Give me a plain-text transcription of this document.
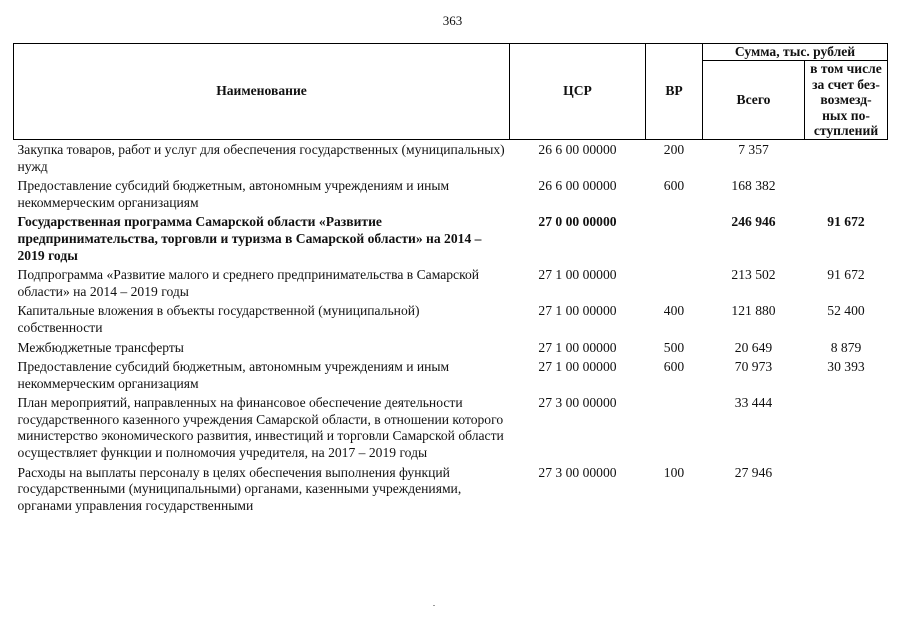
363
Наименование	ЦСР	ВР	Сумма, тыс. рублей	
			Всего	в том числе
за счет без-
возмезд-
ных по-
ступлений
Закупка товаров, работ и услуг для обеспечения государственных (муниципальных) нужд	26 6 00 00000	200	7 357	
Предоставление субсидий бюджетным, автономным учреждениям и иным некоммерческим организациям	26 6 00 00000	600	168 382	
Государственная программа Самарской области «Развитие предпринимательства, торговли и туризма в Самарской области» на 2014 – 2019 годы	27 0 00 00000		246 946	91 672
Подпрограмма «Развитие малого и среднего предпринимательства в Самарской области» на 2014 – 2019 годы	27 1 00 00000		213 502	91 672
Капитальные вложения в объекты государственной (муниципальной) собственности	27 1 00 00000	400	121 880	52 400
Межбюджетные трансферты	27 1 00 00000	500	20 649	8 879
Предоставление субсидий бюджетным, автономным учреждениям и иным некоммерческим организациям	27 1 00 00000	600	70 973	30 393
План мероприятий, направленных на финансовое обеспечение деятельности государственного казенного учреждения Самарской области, в отношении которого министерство экономического развития, инвестиций и торговли Самарской области осуществляет функции и полномочия учредителя, на 2017 – 2019 годы	27 3 00 00000		33 444	
Расходы на выплаты персоналу в целях обеспечения выполнения функций государственными (муниципальными) органами, казенными учреждениями, органами управления государственными	27 3 00 00000	100	27 946	
